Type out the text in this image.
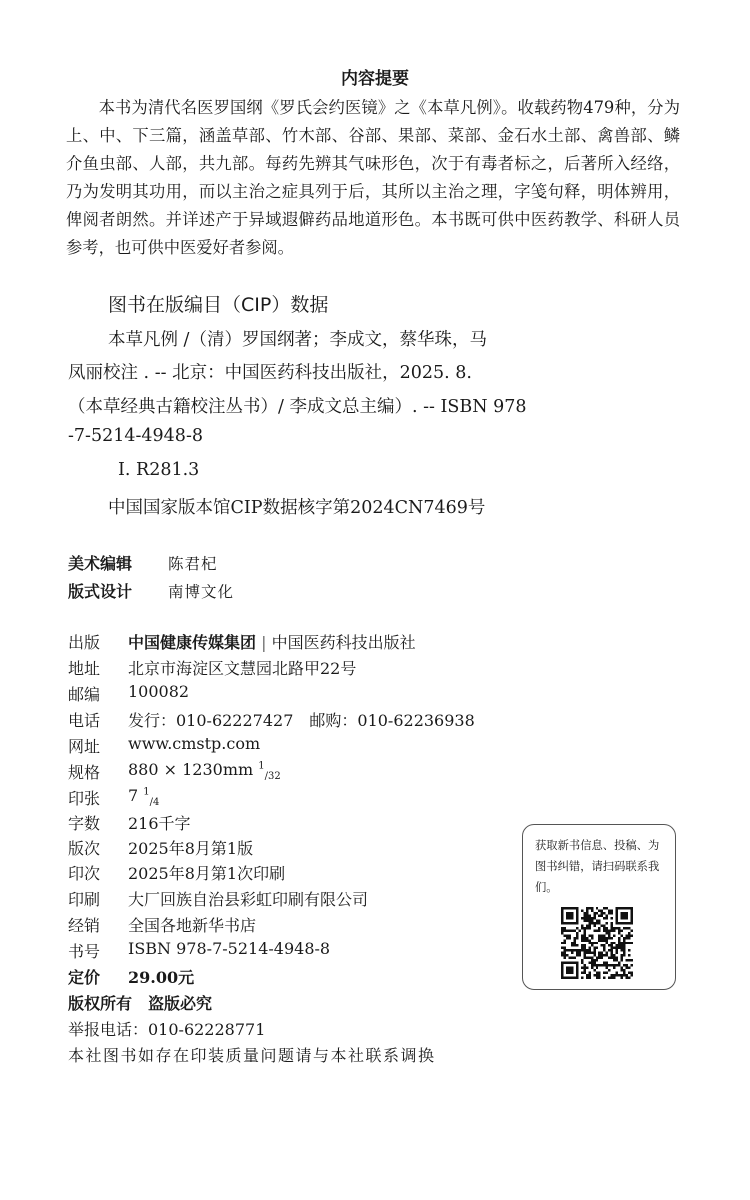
内容提要

本书为清代名医罗国纲《罗氏会约医镜》之《本草凡例》。收载药物479种，分为上、中、下三篇，涵盖草部、竹木部、谷部、果部、菜部、金石水土部、禽兽部、鳞介鱼虫部、人部，共九部。每药先辨其气味形色，次于有毒者标之，后著所入经络，乃为发明其功用，而以主治之症具列于后，其所以主治之理，字笺句释，明体辨用，俾阅者朗然。并详述产于异域遐僻药品地道形色。本书既可供中医药教学、科研人员参考，也可供中医爱好者参阅。

图书在版编目（CIP）数据
本草凡例 /（清）罗国纲著；李成文，蔡华珠，马
凤丽校注 . -- 北京：中国医药科技出版社，2025. 8.
（本草经典古籍校注丛书）/ 李成文总主编）. -- ISBN 978
-7-5214-4948-8
Ⅰ. R281.3
中国国家版本馆CIP数据核字第2024CN7469号
美术编辑 陈君杞
版式设计 南博文化
出版 中国健康传媒集团 | 中国医药科技出版社
地址 北京市海淀区文慧园北路甲22号
邮编 100082
电话 发行：010-62227427　邮购：010-62236938
网址 www.cmstp.com
规格 880 × 1230mm $^1_{/32}$
印张 7 $^1_{/4}$
字数 216千字
版次 2025年8月第1版
印次 2025年8月第1次印刷
印刷 大厂回族自治县彩虹印刷有限公司
经销 全国各地新华书店
书号 ISBN 978-7-5214-4948-8
定价 29.00元
版权所有　盗版必究
举报电话：010-62228771
本社图书如存在印装质量问题请与本社联系调换

获取新书信息、投稿、为图书纠错，请扫码联系我们。
